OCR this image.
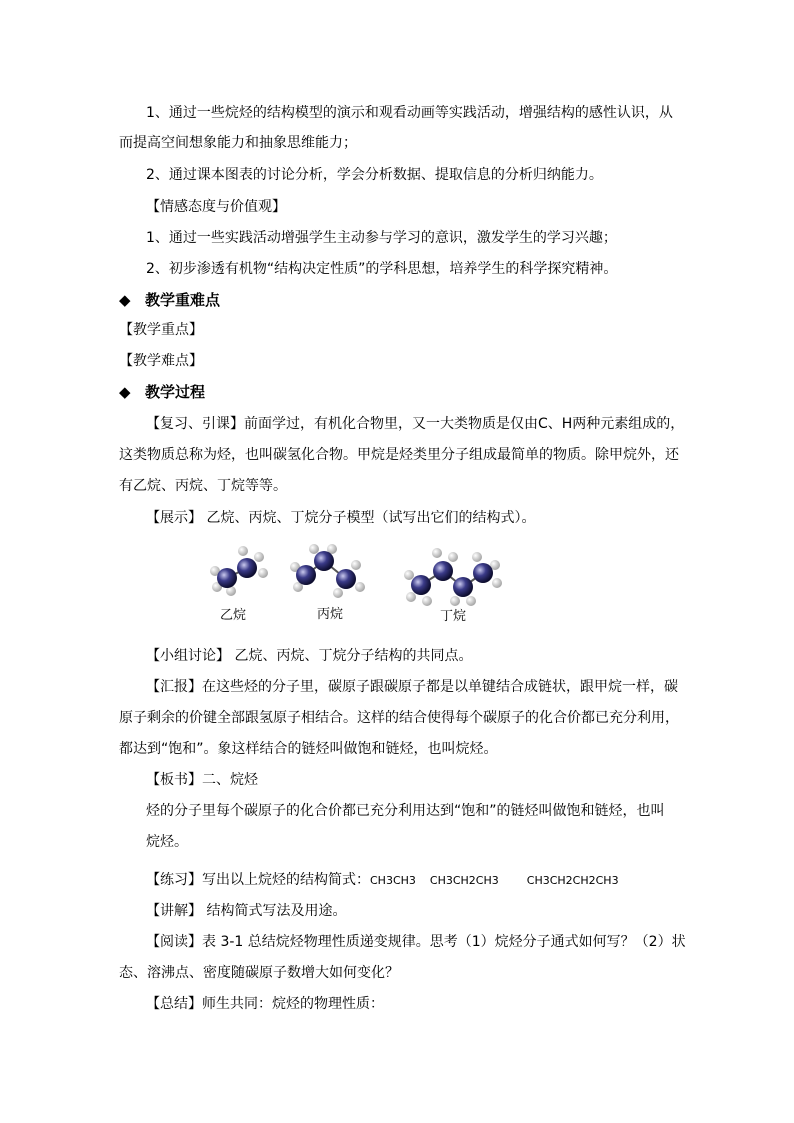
1、通过一些烷烃的结构模型的演示和观看动画等实践活动，增强结构的感性认识，从
而提高空间想象能力和抽象思维能力；
2、通过课本图表的讨论分析，学会分析数据、提取信息的分析归纳能力。
【情感态度与价值观】
1、通过一些实践活动增强学生主动参与学习的意识，激发学生的学习兴趣；
2、初步渗透有机物“结构决定性质”的学科思想，培养学生的科学探究精神。
◆ 教学重难点
【教学重点】
【教学难点】
◆ 教学过程
【复习、引课】前面学过，有机化合物里，又一大类物质是仅由C、H两种元素组成的，
这类物质总称为烃，也叫碳氢化合物。甲烷是烃类里分子组成最简单的物质。除甲烷外，还
有乙烷、丙烷、丁烷等等。
【展示】 乙烷、丙烷、丁烷分子模型（试写出它们的结构式）。
乙烷	丙烷	丁烷
【小组讨论】 乙烷、丙烷、丁烷分子结构的共同点。
【汇报】在这些烃的分子里，碳原子跟碳原子都是以单键结合成链状，跟甲烷一样，碳
原子剩余的价键全部跟氢原子相结合。这样的结合使得每个碳原子的化合价都已充分利用，
都达到“饱和”。象这样结合的链烃叫做饱和链烃，也叫烷烃。
【板书】二、烷烃
烃的分子里每个碳原子的化合价都已充分利用达到“饱和”的链烃叫做饱和链烃，也叫
烷烃。
【练习】写出以上烷烃的结构简式：CH3CH3 CH3CH2CH3	CH3CH2CH2CH3
【讲解】 结构简式写法及用途。
【阅读】表 3-1 总结烷烃物理性质递变规律。思考（1）烷烃分子通式如何写？（2）状
态、溶沸点、密度随碳原子数增大如何变化？
【总结】师生共同：烷烃的物理性质：
